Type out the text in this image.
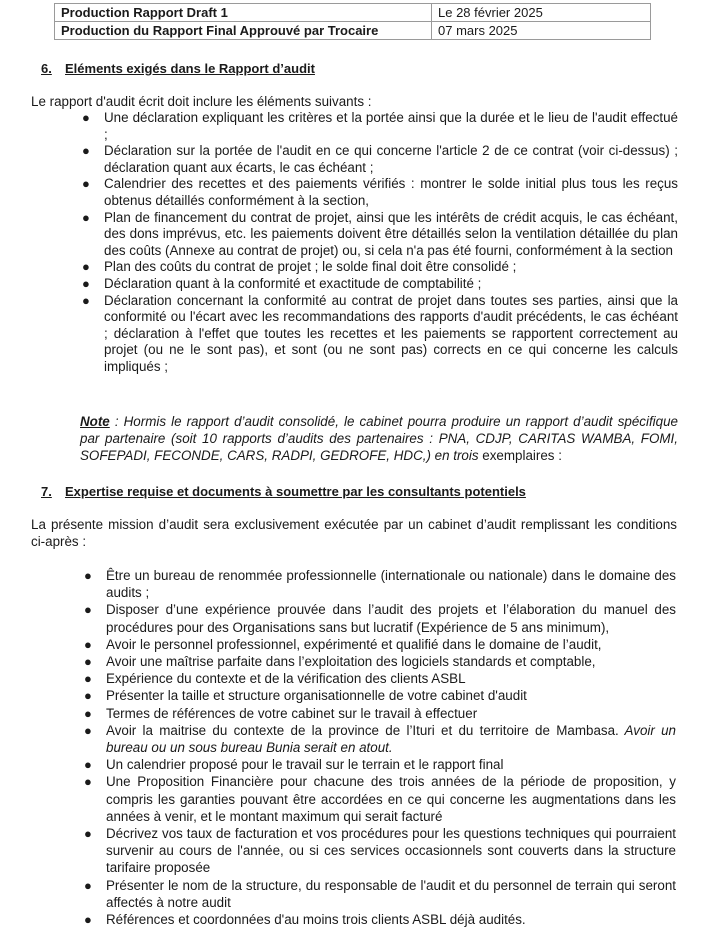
Production Rapport Draft 1	Le 28 février 2025
Production du Rapport Final Approuvé par Trocaire	07 mars 2025
6. Eléments exigés dans le Rapport d’audit

Le rapport d'audit écrit doit inclure les éléments suivants :

● Une déclaration expliquant les critères et la portée ainsi que la durée et le lieu de l'audit effectué ;
● Déclaration sur la portée de l'audit en ce qui concerne l'article 2 de ce contrat (voir ci-dessus) ; déclaration quant aux écarts, le cas échéant ;
● Calendrier des recettes et des paiements vérifiés : montrer le solde initial plus tous les reçus obtenus détaillés conformément à la section,
● Plan de financement du contrat de projet, ainsi que les intérêts de crédit acquis, le cas échéant, des dons imprévus, etc. les paiements doivent être détaillés selon la ventilation détaillée du plan des coûts (Annexe au contrat de projet) ou, si cela n'a pas été fourni, conformément à la section
● Plan des coûts du contrat de projet ; le solde final doit être consolidé ;
● Déclaration quant à la conformité et exactitude de comptabilité ;
● Déclaration concernant la conformité au contrat de projet dans toutes ses parties, ainsi que la conformité ou l'écart avec les recommandations des rapports d'audit précédents, le cas échéant ; déclaration à l'effet que toutes les recettes et les paiements se rapportent correctement au projet (ou ne le sont pas), et sont (ou ne sont pas) corrects en ce qui concerne les calculs impliqués ;

Note : Hormis le rapport d’audit consolidé, le cabinet pourra produire un rapport d’audit spécifique par partenaire (soit 10 rapports d’audits des partenaires : PNA, CDJP, CARITAS WAMBA, FOMI, SOFEPADI, FECONDE, CARS, RADPI, GEDROFE, HDC,) en trois exemplaires :

7. Expertise requise et documents à soumettre par les consultants potentiels

La présente mission d’audit sera exclusivement exécutée par un cabinet d’audit remplissant les conditions ci-après :

● Être un bureau de renommée professionnelle (internationale ou nationale) dans le domaine des audits ;
● Disposer d’une expérience prouvée dans l’audit des projets et l’élaboration du manuel des procédures pour des Organisations sans but lucratif (Expérience de 5 ans minimum),
● Avoir le personnel professionnel, expérimenté et qualifié dans le domaine de l’audit,
● Avoir une maîtrise parfaite dans l’exploitation des logiciels standards et comptable,
● Expérience du contexte et de la vérification des clients ASBL
● Présenter la taille et structure organisationnelle de votre cabinet d'audit
● Termes de références de votre cabinet sur le travail à effectuer
● Avoir la maitrise du contexte de la province de l’Ituri et du territoire de Mambasa. Avoir un bureau ou un sous bureau Bunia serait en atout.
● Un calendrier proposé pour le travail sur le terrain et le rapport final
● Une Proposition Financière pour chacune des trois années de la période de proposition, y compris les garanties pouvant être accordées en ce qui concerne les augmentations dans les années à venir, et le montant maximum qui serait facturé
● Décrivez vos taux de facturation et vos procédures pour les questions techniques qui pourraient survenir au cours de l'année, ou si ces services occasionnels sont couverts dans la structure tarifaire proposée
● Présenter le nom de la structure, du responsable de l'audit et du personnel de terrain qui seront affectés à notre audit
● Références et coordonnées d'au moins trois clients ASBL déjà audités.
